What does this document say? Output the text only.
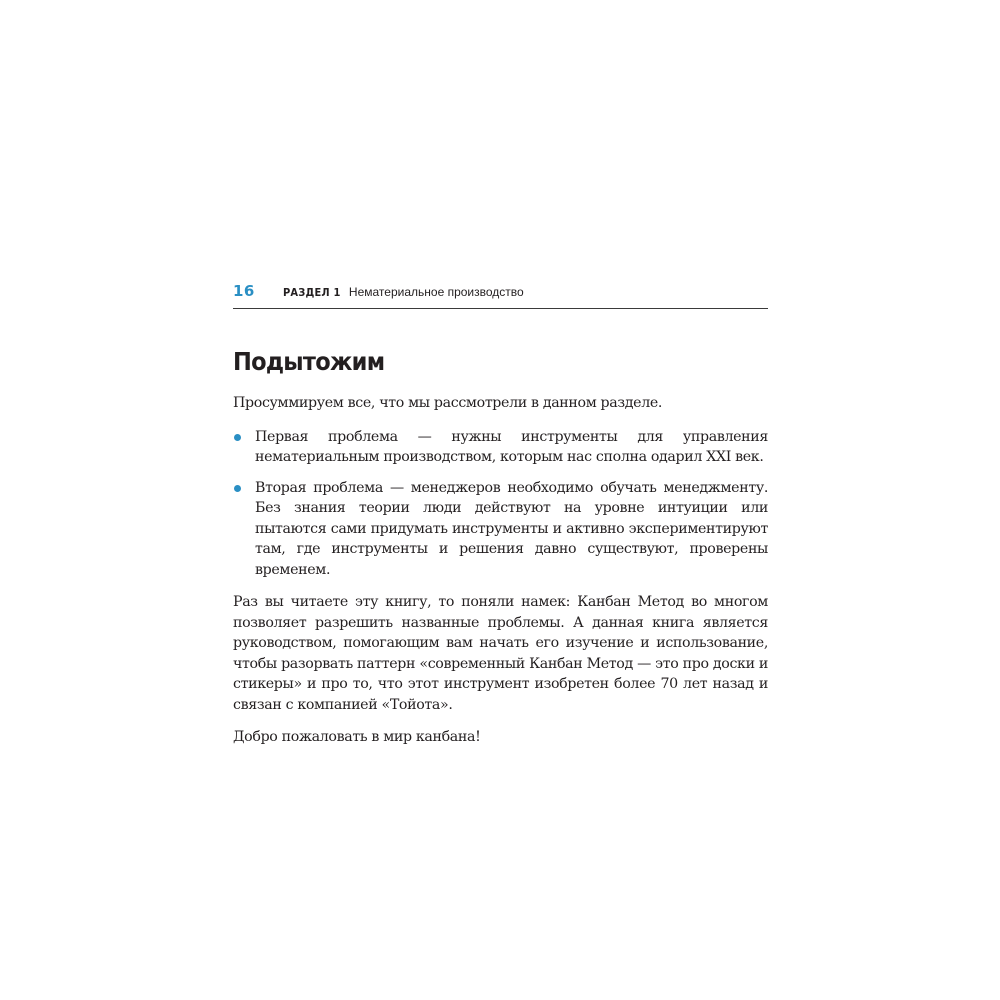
16	РАЗДЕЛ 1 Нематериальное производство
Подытожим

Просуммируем все, что мы рассмотрели в данном разделе.

Первая проблема — нужны инструменты для управления нематериальным производством, которым нас сполна одарил XXI век.
Вторая проблема — менеджеров необходимо обучать менеджменту. Без знания теории люди действуют на уровне интуиции или пытаются сами придумать инструменты и активно экспериментируют там, где инструменты и решения давно существуют, проверены временем.

Раз вы читаете эту книгу, то поняли намек: Канбан Метод во многом позволяет разрешить названные проблемы. А данная книга является руководством, помогающим вам начать его изучение и использование, чтобы разорвать паттерн «современный Канбан Метод — это про доски и стикеры» и про то, что этот инструмент изобретен более 70 лет назад и связан с компанией «Тойота».

Добро пожаловать в мир канбана!
